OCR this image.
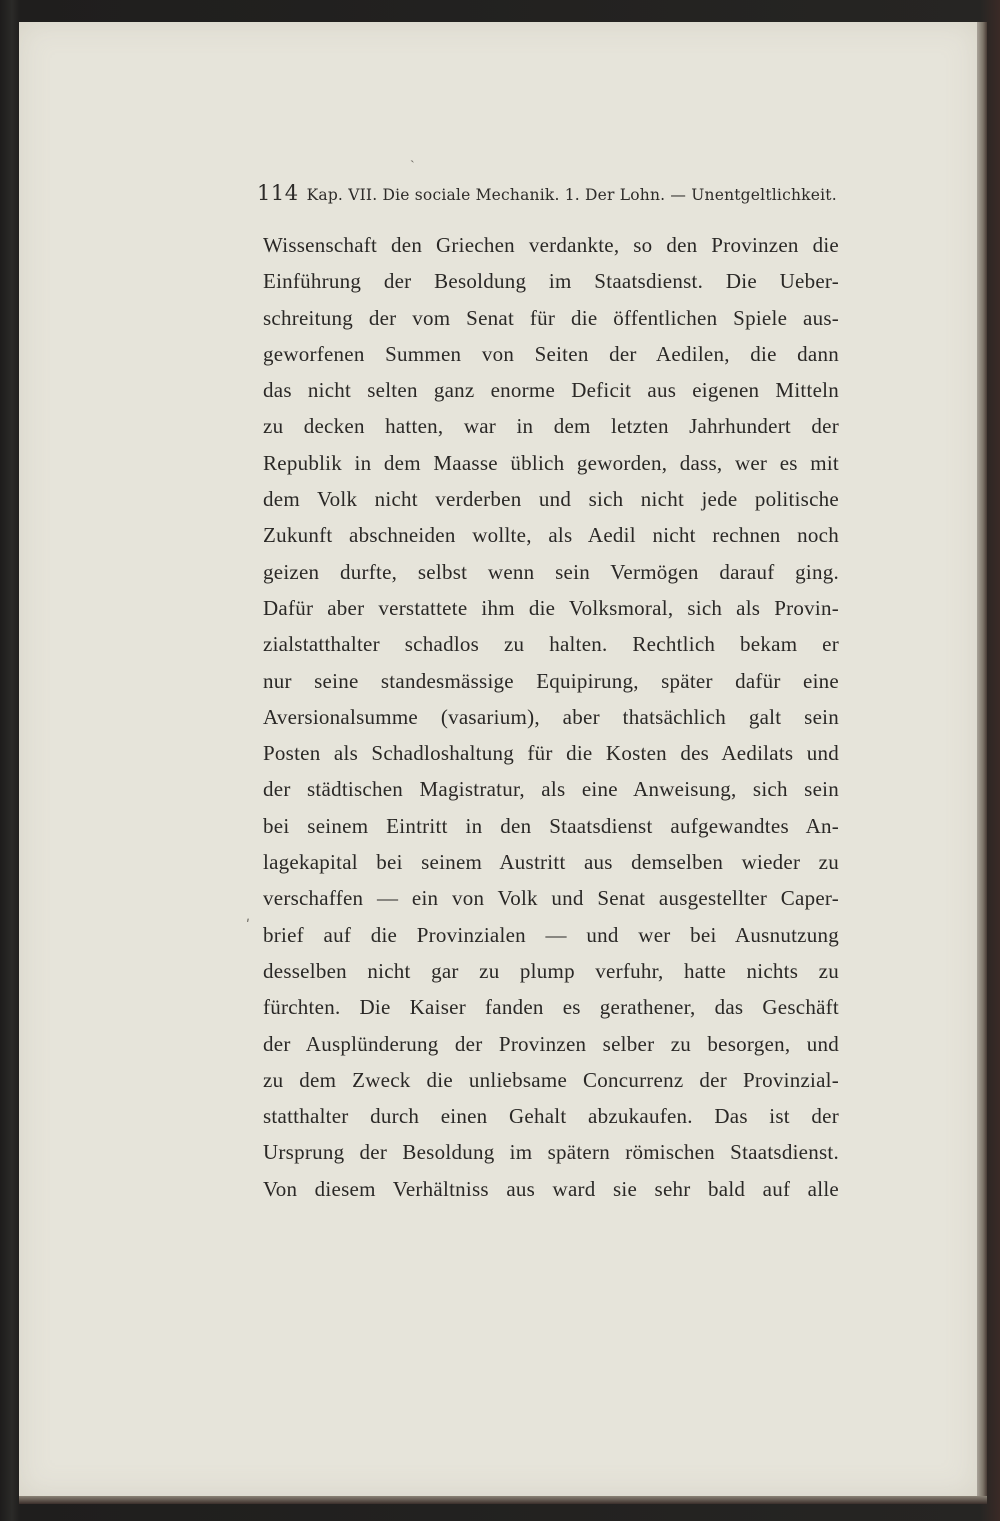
114 Kap. VII. Die sociale Mechanik. 1. Der Lohn. — Unentgeltlichkeit.
˴
ʹ
Wissenschaft den Griechen verdankte, so den Provinzen die
Einführung der Besoldung im Staatsdienst. Die Ueber-
schreitung der vom Senat für die öffentlichen Spiele aus-
geworfenen Summen von Seiten der Aedilen, die dann
das nicht selten ganz enorme Deficit aus eigenen Mitteln
zu decken hatten, war in dem letzten Jahrhundert der
Republik in dem Maasse üblich geworden, dass, wer es mit
dem Volk nicht verderben und sich nicht jede politische
Zukunft abschneiden wollte, als Aedil nicht rechnen noch
geizen durfte, selbst wenn sein Vermögen darauf ging.
Dafür aber verstattete ihm die Volksmoral, sich als Provin-
zialstatthalter schadlos zu halten. Rechtlich bekam er
nur seine standesmässige Equipirung, später dafür eine
Aversionalsumme (vasarium), aber thatsächlich galt sein
Posten als Schadloshaltung für die Kosten des Aedilats und
der städtischen Magistratur, als eine Anweisung, sich sein
bei seinem Eintritt in den Staatsdienst aufgewandtes An-
lagekapital bei seinem Austritt aus demselben wieder zu
verschaffen — ein von Volk und Senat ausgestellter Caper-
brief auf die Provinzialen — und wer bei Ausnutzung
desselben nicht gar zu plump verfuhr, hatte nichts zu
fürchten. Die Kaiser fanden es gerathener, das Geschäft
der Ausplünderung der Provinzen selber zu besorgen, und
zu dem Zweck die unliebsame Concurrenz der Provinzial-
statthalter durch einen Gehalt abzukaufen. Das ist der
Ursprung der Besoldung im spätern römischen Staatsdienst.
Von diesem Verhältniss aus ward sie sehr bald auf alle
